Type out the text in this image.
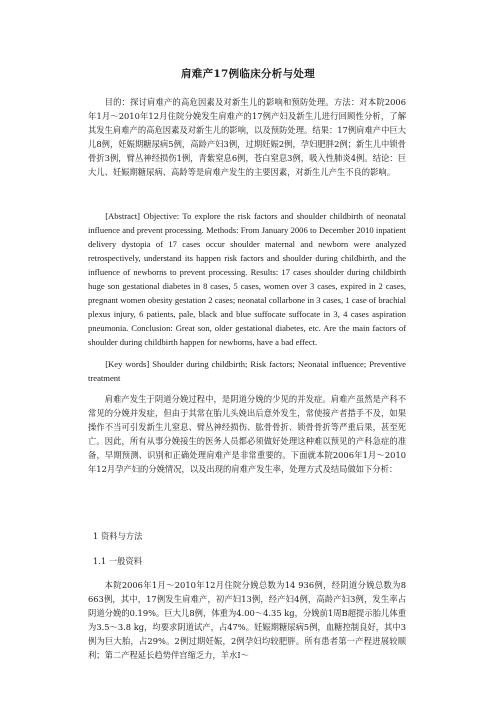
肩难产17例临床分析与处理

目的：探讨肩难产的高危因素及对新生儿的影响和预防处理。方法：对本院2006年1月～2010年12月住院分娩发生肩难产的17例产妇及新生儿进行回顾性分析，了解其发生肩难产的高危因素及对新生儿的影响，以及预防处理。结果：17例肩难产中巨大儿8例，妊娠期糖尿病5例，高龄产妇3例，过期妊娠2例，孕妇肥胖2例；新生儿中锁骨骨折3例，臂丛神经损伤1例，青紫窒息6例，苍白窒息3例，吸入性肺炎4例。结论：巨大儿、妊娠期糖尿病、高龄等是肩难产发生的主要因素，对新生儿产生不良的影响。

[Abstract] Objective: To explore the risk factors and shoulder childbirth of neonatal influence and prevent processing. Methods: From January 2006 to December 2010 inpatient delivery dystopia of 17 cases occur shoulder maternal and newborn were analyzed retrospectively, understand its happen risk factors and shoulder during childbirth, and the influence of newborns to prevent processing. Results: 17 cases shoulder during childbirth huge son gestational diabetes in 8 cases, 5 cases, women over 3 cases, expired in 2 cases, pregnant women obesity gestation 2 cases; neonatal collarbone in 3 cases, 1 case of brachial plexus injury, 6 patients, pale, black and blue suffocate suffocate in 3, 4 cases aspiration pneumonia. Conclusion: Great son, older gestational diabetes, etc. Are the main factors of shoulder during childbirth happen for newborns, have a bad effect.

[Key words] Shoulder during childbirth; Risk factors; Neonatal influence; Preventive treatment

肩难产发生于阴道分娩过程中，是阴道分娩的少见的并发症。肩难产虽然是产科不常见的分娩并发症，但由于其常在胎儿头娩出后意外发生，常使接产者措手不及，如果操作不当可引发新生儿窒息、臂丛神经损伤、肱骨骨折、锁骨骨折等严重后果，甚至死亡。因此，所有从事分娩接生的医务人员都必须做好处理这种难以预见的产科急症的准备，早期预测、识别和正确处理肩难产是非常重要的。下面就本院2006年1月～2010年12月孕产妇的分娩情况，以及出现的肩难产发生率，处理方式及结局做如下分析：

1 资料与方法

1.1 一般资料

本院2006年1月～2010年12月住院分娩总数为14 936例，经阴道分娩总数为8 663例，其中，17例发生肩难产，初产妇13例，经产妇4例，高龄产妇3例，发生率占阴道分娩的0.19%。巨大儿8例，体重为4.00～4.35 kg，分娩前1周B超提示胎儿体重为3.5～3.8 kg，均要求阴道试产，占47%。妊娠期糖尿病5例，血糖控制良好，其中3例为巨大胎，占29%。2例过期妊娠，2例孕妇均较肥胖。所有患者第一产程进展较顺利；第二产程延长趋势伴宫缩乏力，羊水Ⅰ～
